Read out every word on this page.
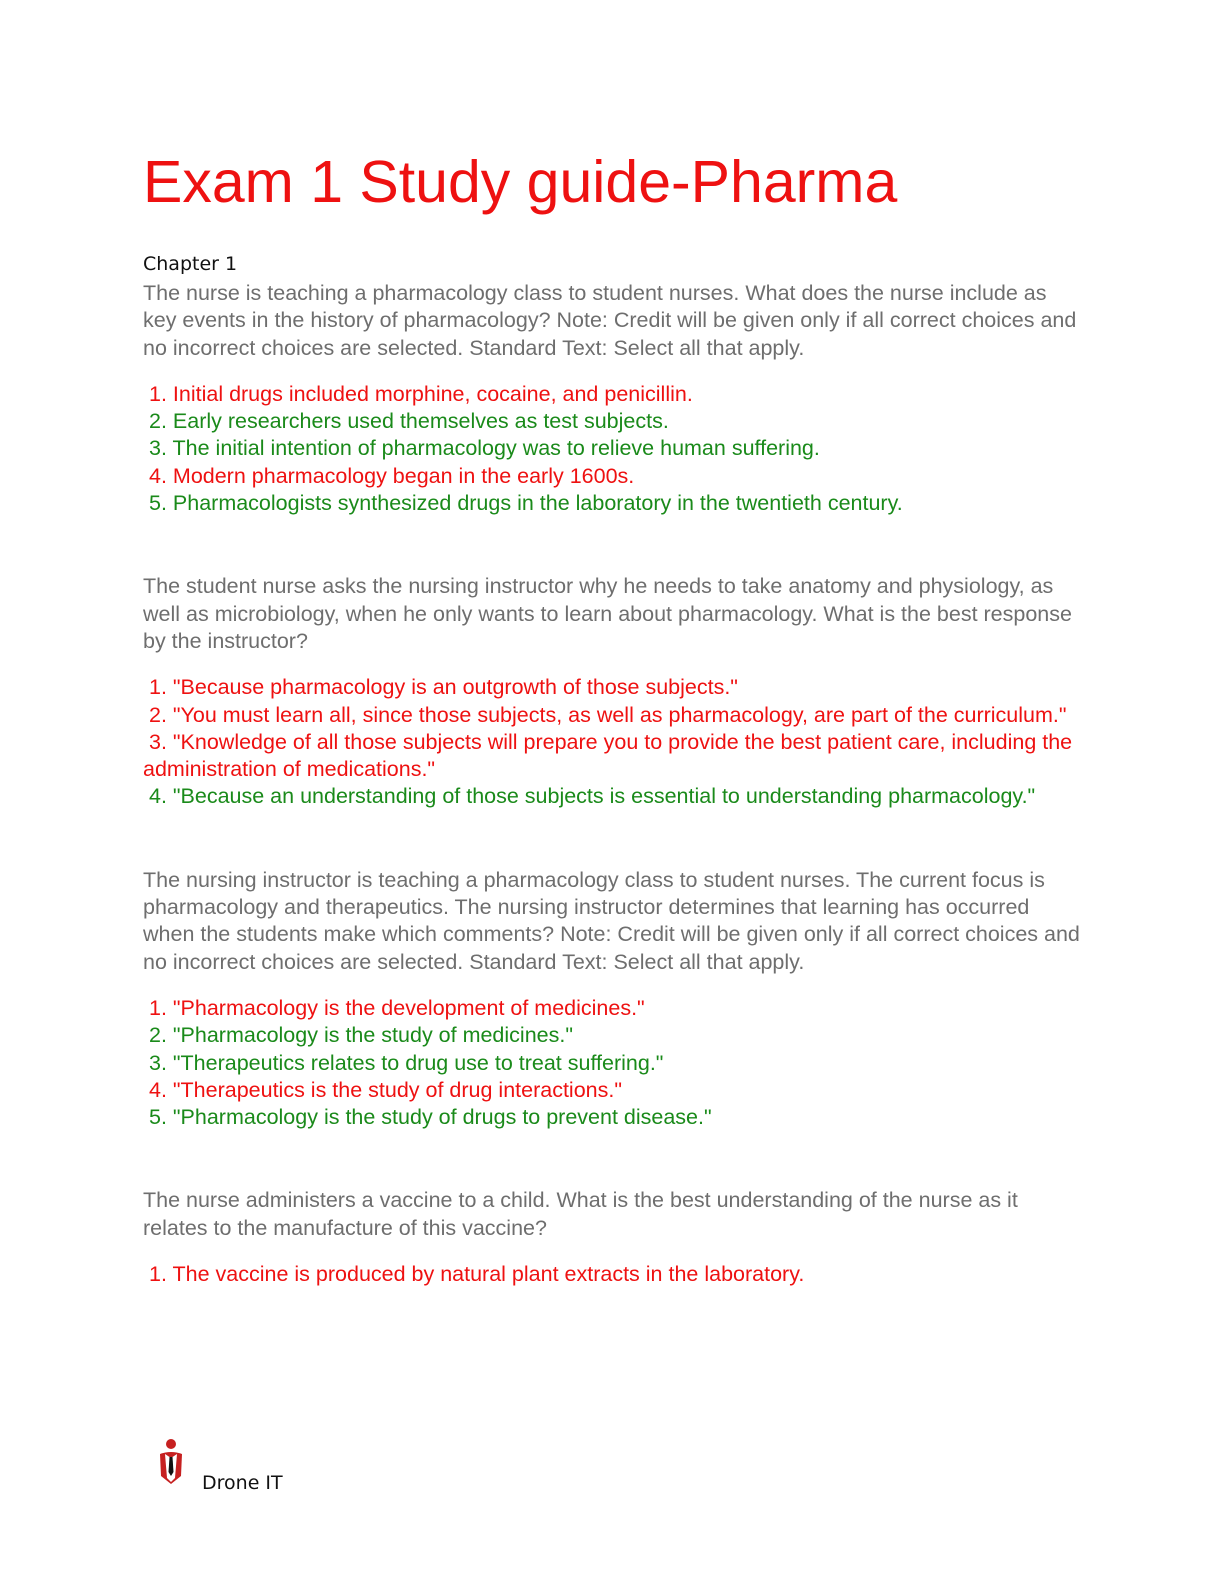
Exam 1 Study guide-Pharma
Chapter 1
The nurse is teaching a pharmacology class to student nurses. What does the nurse include as key events in the history of pharmacology? Note: Credit will be given only if all correct choices and no incorrect choices are selected. Standard Text: Select all that apply.
1. Initial drugs included morphine, cocaine, and penicillin.
2. Early researchers used themselves as test subjects.
3. The initial intention of pharmacology was to relieve human suffering.
4. Modern pharmacology began in the early 1600s.
5. Pharmacologists synthesized drugs in the laboratory in the twentieth century.
The student nurse asks the nursing instructor why he needs to take anatomy and physiology, as well as microbiology, when he only wants to learn about pharmacology. What is the best response by the instructor?
1. "Because pharmacology is an outgrowth of those subjects."
2. "You must learn all, since those subjects, as well as pharmacology, are part of the curriculum."
3. "Knowledge of all those subjects will prepare you to provide the best patient care, including the administration of medications."
4. "Because an understanding of those subjects is essential to understanding pharmacology."
The nursing instructor is teaching a pharmacology class to student nurses. The current focus is pharmacology and therapeutics. The nursing instructor determines that learning has occurred when the students make which comments? Note: Credit will be given only if all correct choices and no incorrect choices are selected. Standard Text: Select all that apply.
1. "Pharmacology is the development of medicines."
2. "Pharmacology is the study of medicines."
3. "Therapeutics relates to drug use to treat suffering."
4. "Therapeutics is the study of drug interactions."
5. "Pharmacology is the study of drugs to prevent disease."
The nurse administers a vaccine to a child. What is the best understanding of the nurse as it relates to the manufacture of this vaccine?
1. The vaccine is produced by natural plant extracts in the laboratory.
Drone IT
